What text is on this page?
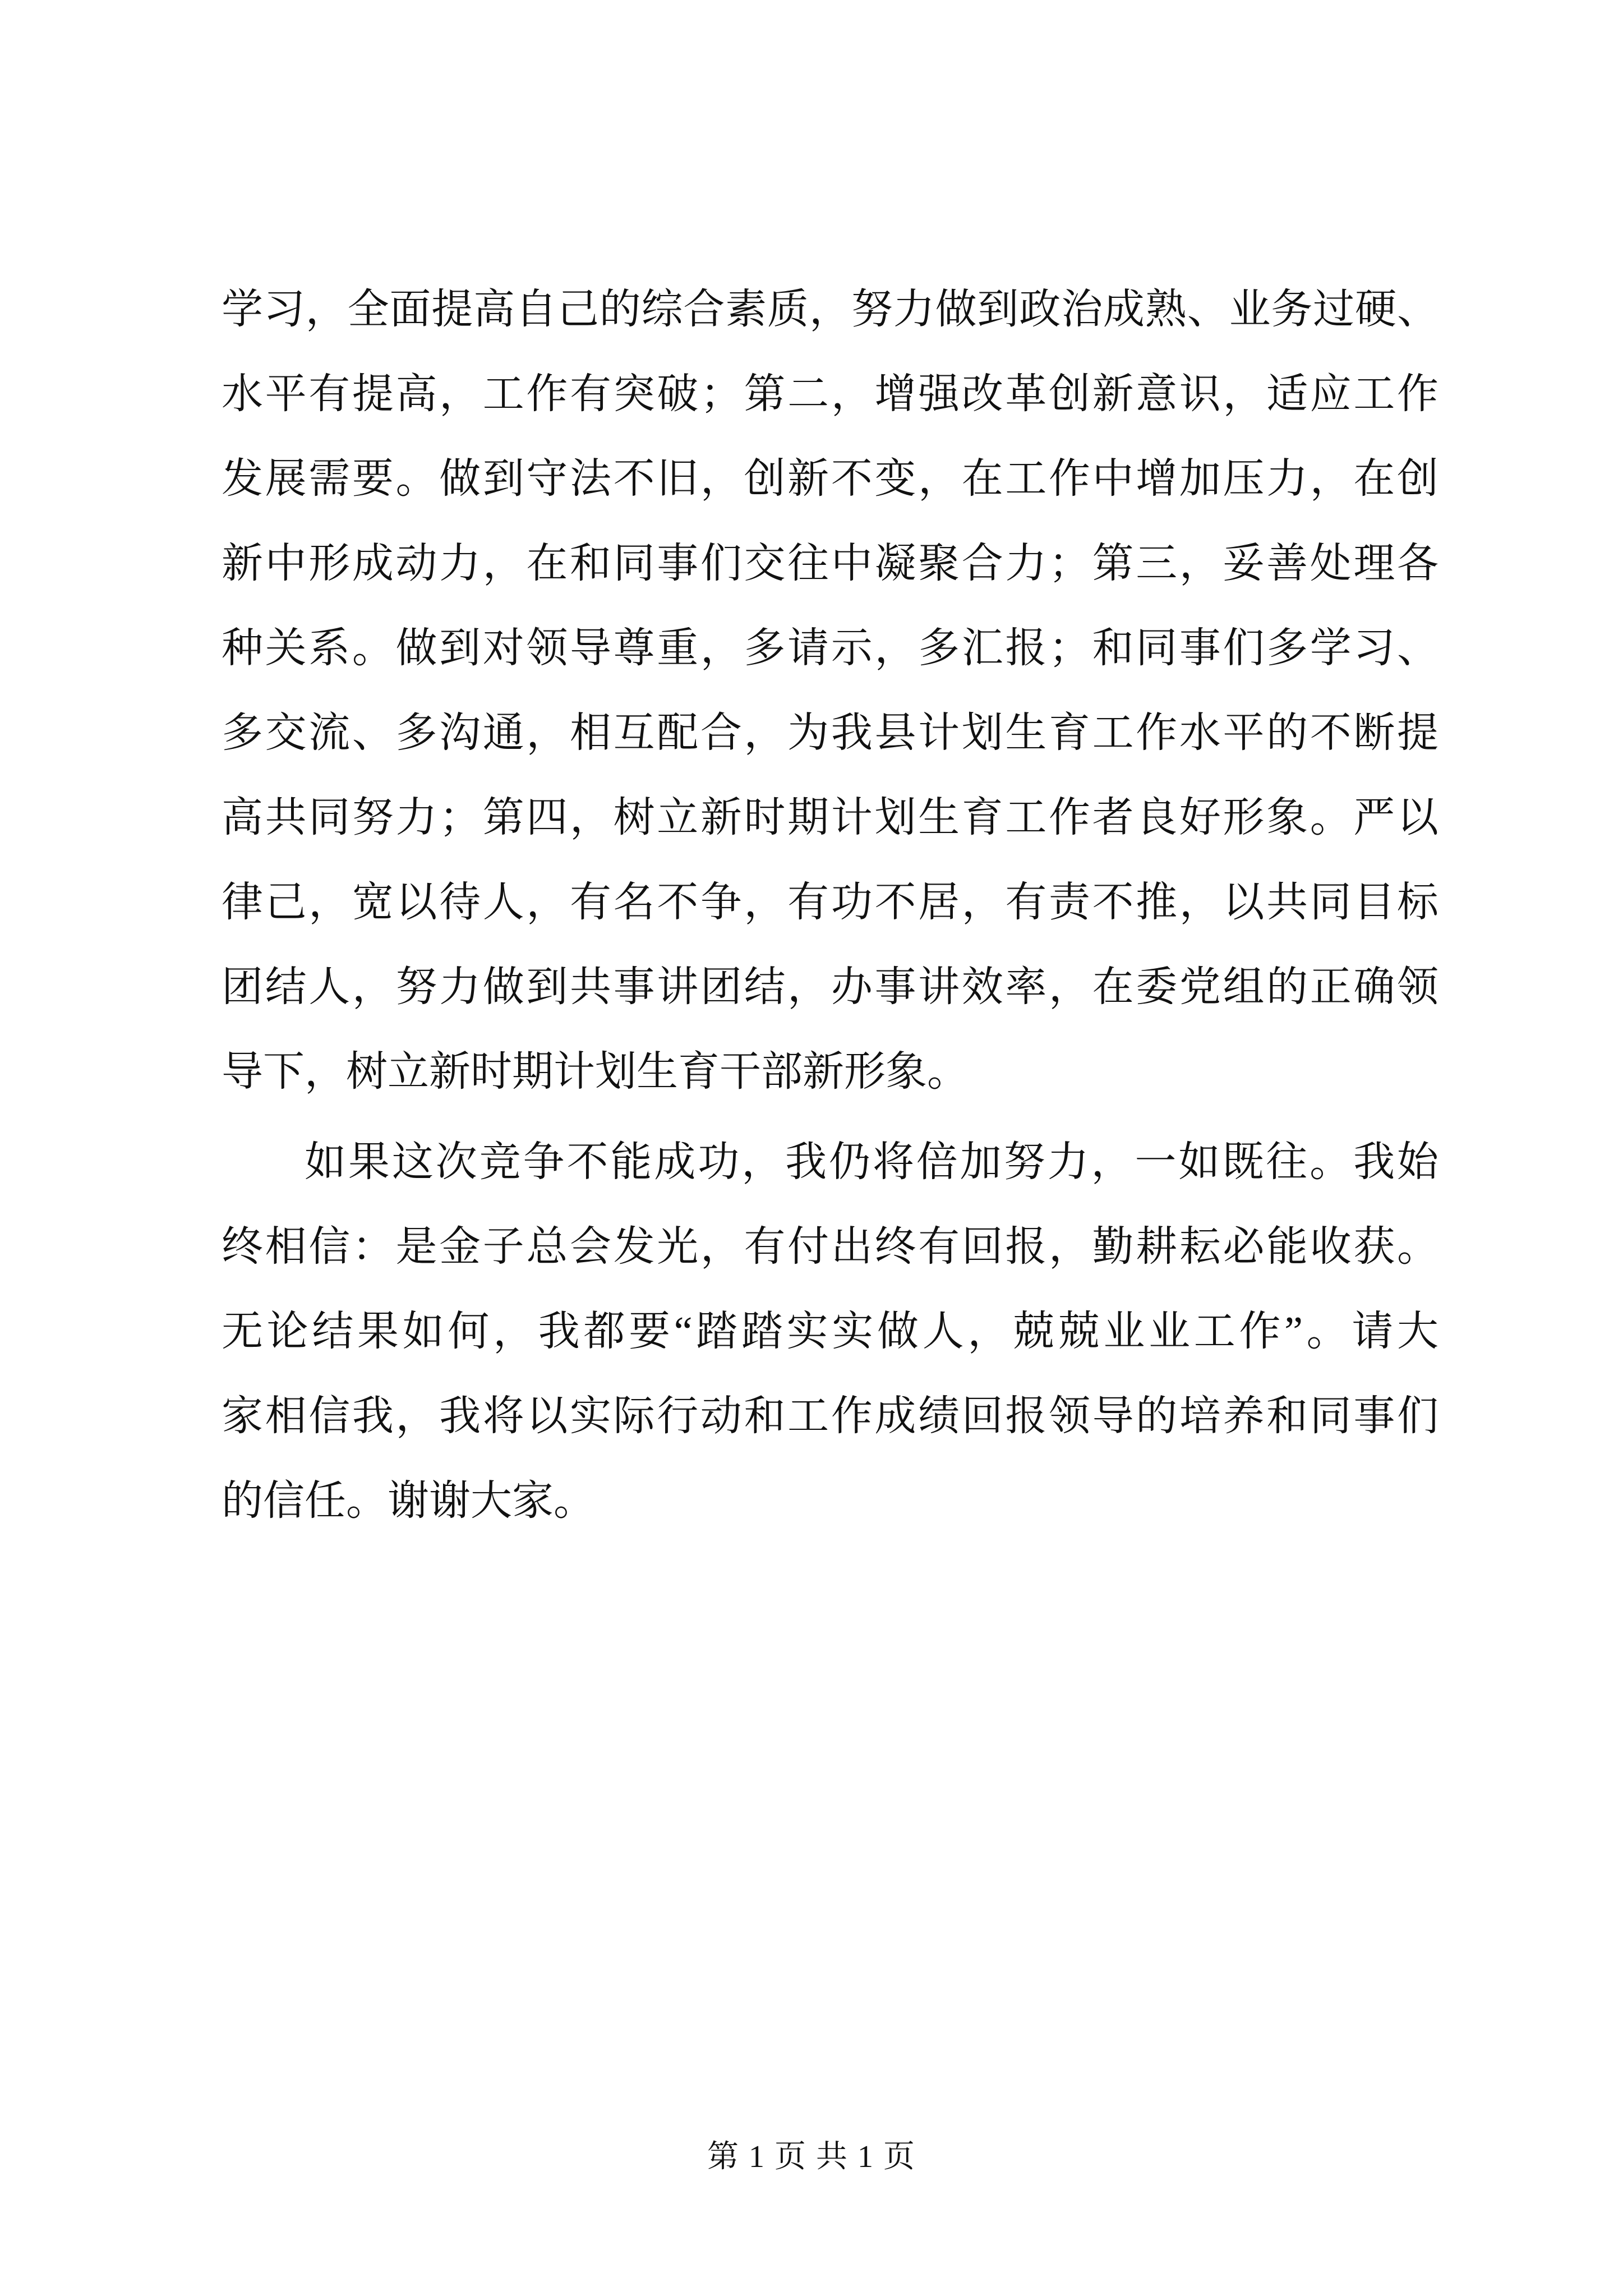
学习，全面提高自己的综合素质，努力做到政治成熟、业务过硬、
水平有提高，工作有突破；第二，增强改革创新意识，适应工作
发展需要。做到守法不旧，创新不变，在工作中增加压力，在创
新中形成动力，在和同事们交往中凝聚合力；第三，妥善处理各
种关系。做到对领导尊重，多请示，多汇报；和同事们多学习、
多交流、多沟通，相互配合，为我县计划生育工作水平的不断提
高共同努力；第四，树立新时期计划生育工作者良好形象。严以
律己，宽以待人，有名不争，有功不居，有责不推，以共同目标
团结人，努力做到共事讲团结，办事讲效率，在委党组的正确领
导下，树立新时期计划生育干部新形象。
如果这次竞争不能成功，我仍将倍加努力，一如既往。我始
终相信：是金子总会发光，有付出终有回报，勤耕耘必能收获。
无论结果如何，我都要“踏踏实实做人，兢兢业业工作”。请大
家相信我，我将以实际行动和工作成绩回报领导的培养和同事们
的信任。谢谢大家。
第 1 页 共 1 页
